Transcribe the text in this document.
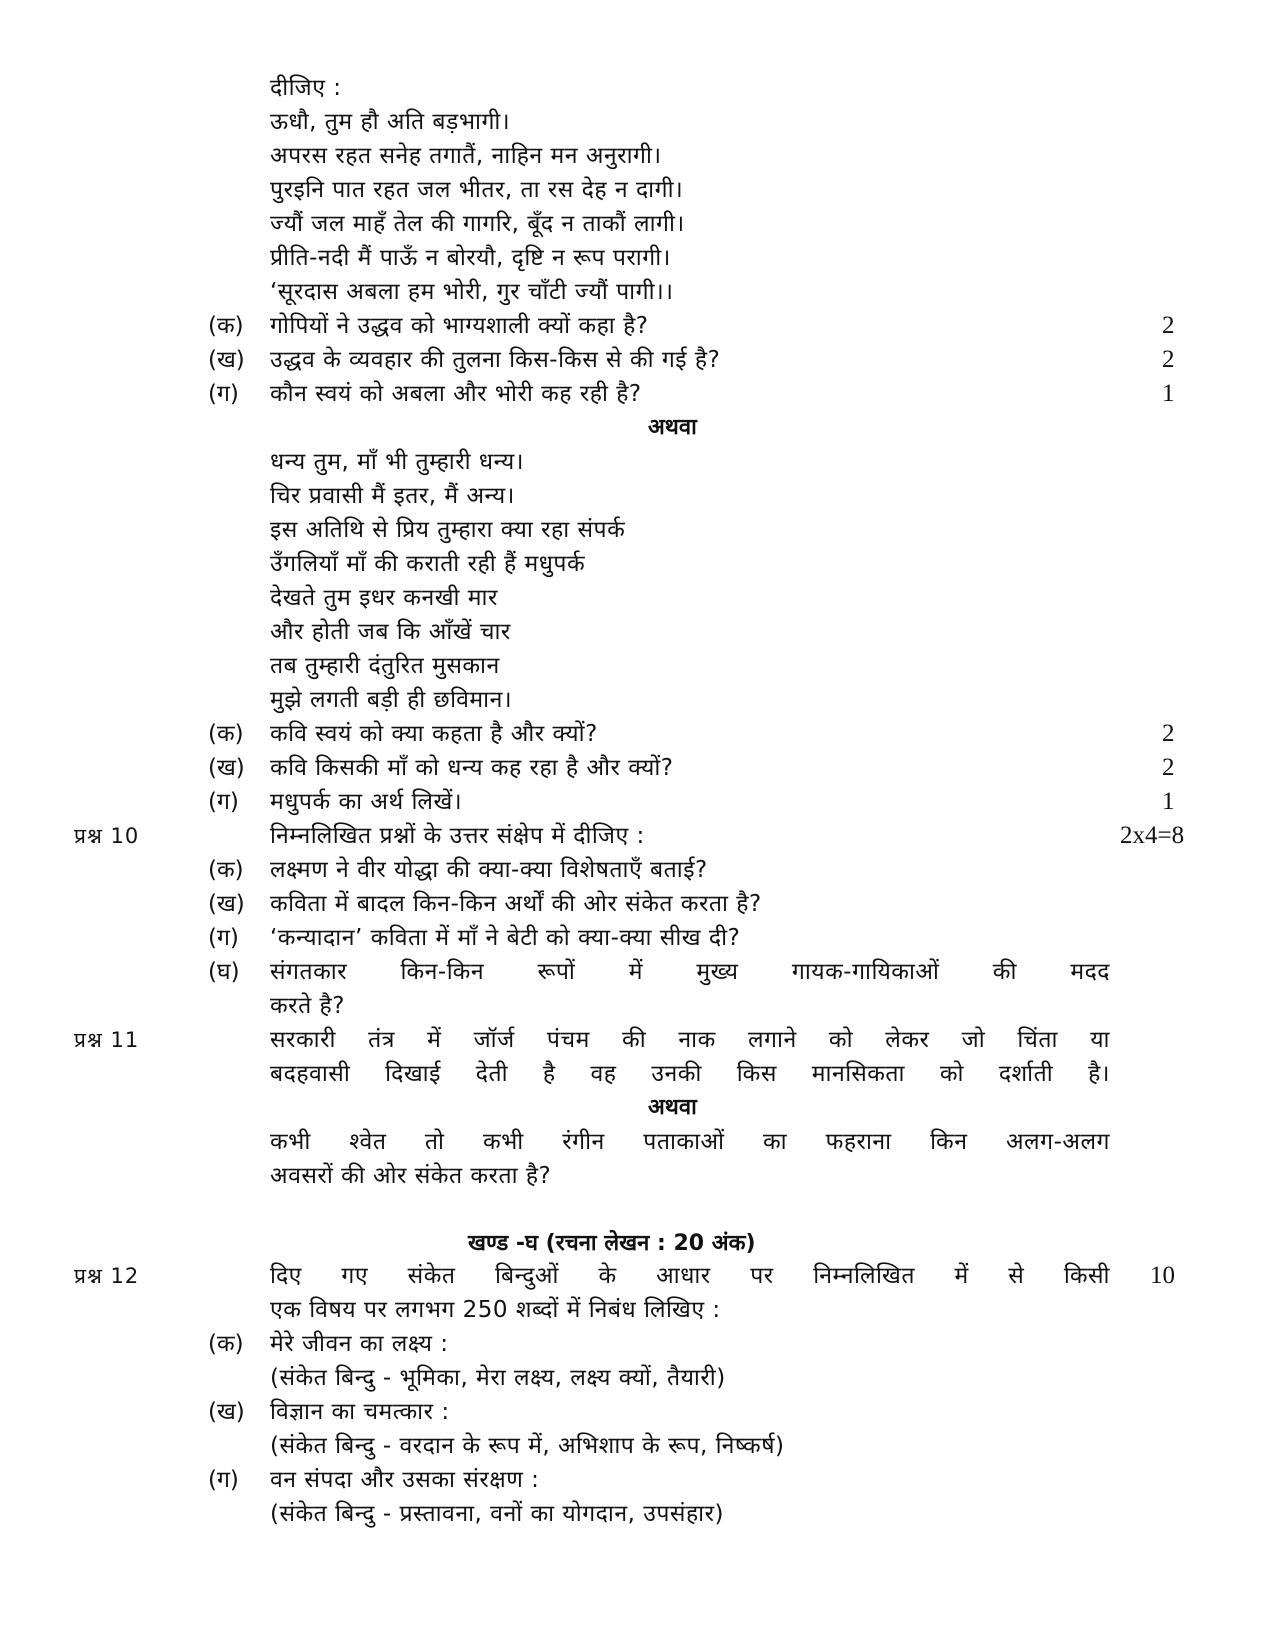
दीजिए :
ऊधौ, तुम हौ अति बड़भागी।
अपरस रहत सनेह तगातैं, नाहिन मन अनुरागी।
पुरइनि पात रहत जल भीतर, ता रस देह न दागी।
ज्यौं जल माहँ तेल की गागरि, बूँद न ताकौं लागी।
प्रीति-नदी मैं पाऊँ न बोरयौ, दृष्टि न रूप परागी।
‘सूरदास अबला हम भोरी, गुर चाँटी ज्यौं पागी।।
(क) गोपियों ने उद्धव को भाग्यशाली क्यों कहा है?	2
(ख) उद्धव के व्यवहार की तुलना किस-किस से की गई है?	2
(ग) कौन स्वयं को अबला और भोरी कह रही है?	1
अथवा
धन्य तुम, माँ भी तुम्हारी धन्य।
चिर प्रवासी मैं इतर, मैं अन्य।
इस अतिथि से प्रिय तुम्हारा क्या रहा संपर्क
उँगलियाँ माँ की कराती रही हैं मधुपर्क
देखते तुम इधर कनखी मार
और होती जब कि आँखें चार
तब तुम्हारी दंतुरित मुसकान
मुझे लगती बड़ी ही छविमान।
(क) कवि स्वयं को क्या कहता है और क्यों?	2
(ख) कवि किसकी माँ को धन्य कह रहा है और क्यों?	2
(ग) मधुपर्क का अर्थ लिखें।	1
प्रश्न 10	निम्नलिखित प्रश्नों के उत्तर संक्षेप में दीजिए :	2x4=8
(क) लक्ष्मण ने वीर योद्धा की क्या-क्या विशेषताएँ बताई?
(ख) कविता में बादल किन-किन अर्थों की ओर संकेत करता है?
(ग) ‘कन्यादान’ कविता में माँ ने बेटी को क्या-क्या सीख दी?
(घ) संगतकार किन-किन रूपों में मुख्य गायक-गायिकाओं की मदद
करते है?
प्रश्न 11	सरकारी तंत्र में जॉर्ज पंचम की नाक लगाने को लेकर जो चिंता या
बदहवासी दिखाई देती है वह उनकी किस मानसिकता को दर्शाती है।
अथवा
कभी श्वेत तो कभी रंगीन पताकाओं का फहराना किन अलग-अलग
अवसरों की ओर संकेत करता है?
खण्ड -घ (रचना लेखन : 20 अंक)
प्रश्न 12	दिए गए संकेत बिन्दुओं के आधार पर निम्नलिखित में से किसी 10
एक विषय पर लगभग 250 शब्दों में निबंध लिखिए :
(क) मेरे जीवन का लक्ष्य :
(संकेत बिन्दु - भूमिका, मेरा लक्ष्य, लक्ष्य क्यों, तैयारी)
(ख) विज्ञान का चमत्कार :
(संकेत बिन्दु - वरदान के रूप में, अभिशाप के रूप, निष्कर्ष)
(ग) वन संपदा और उसका संरक्षण :
(संकेत बिन्दु - प्रस्तावना, वनों का योगदान, उपसंहार)
